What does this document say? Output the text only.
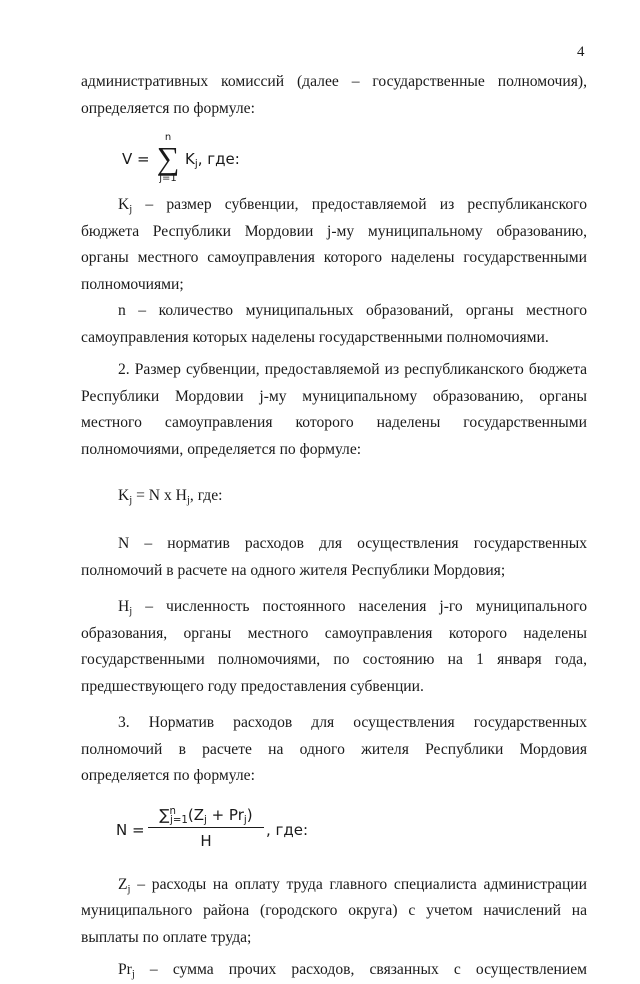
4

административных комиссий (далее – государственные полномочия),

определяется по формуле:

V =
n
∑
j=1
$K_j$, где:

$K_j$ – размер субвенции, предоставляемой из республиканского бюджета Республики Мордовии j-му муниципальному образованию, органы местного самоуправления которого наделены государственными полномочиями;

n – количество муниципальных образований, органы местного самоуправления которых наделены государственными полномочиями.

2. Размер субвенции, предоставляемой из республиканского бюджета Республики Мордовии j-му муниципальному образованию, органы местного самоуправления которого наделены государственными полномочиями, определяется по формуле:

$K_j = N$ x $H_j$, где:

N – норматив расходов для осуществления государственных полномочий в расчете на одного жителя Республики Мордовия;

$H_j$ – численность постоянного населения j-го муниципального образования, органы местного самоуправления которого наделены государственными полномочиями, по состоянию на 1 января года, предшествующего году предоставления субвенции.

3. Норматив расходов для осуществления государственных полномочий в расчете на одного жителя Республики Мордовия определяется по формуле:

N =
$\sum^n_{j=1}(Z_j + Pr_j)$
H
, где:

$Z_j$ – расходы на оплату труда главного специалиста администрации муниципального района (городского округа) с учетом начислений на выплаты по оплате труда;

$Pr_j$ – сумма прочих расходов, связанных с осуществлением
